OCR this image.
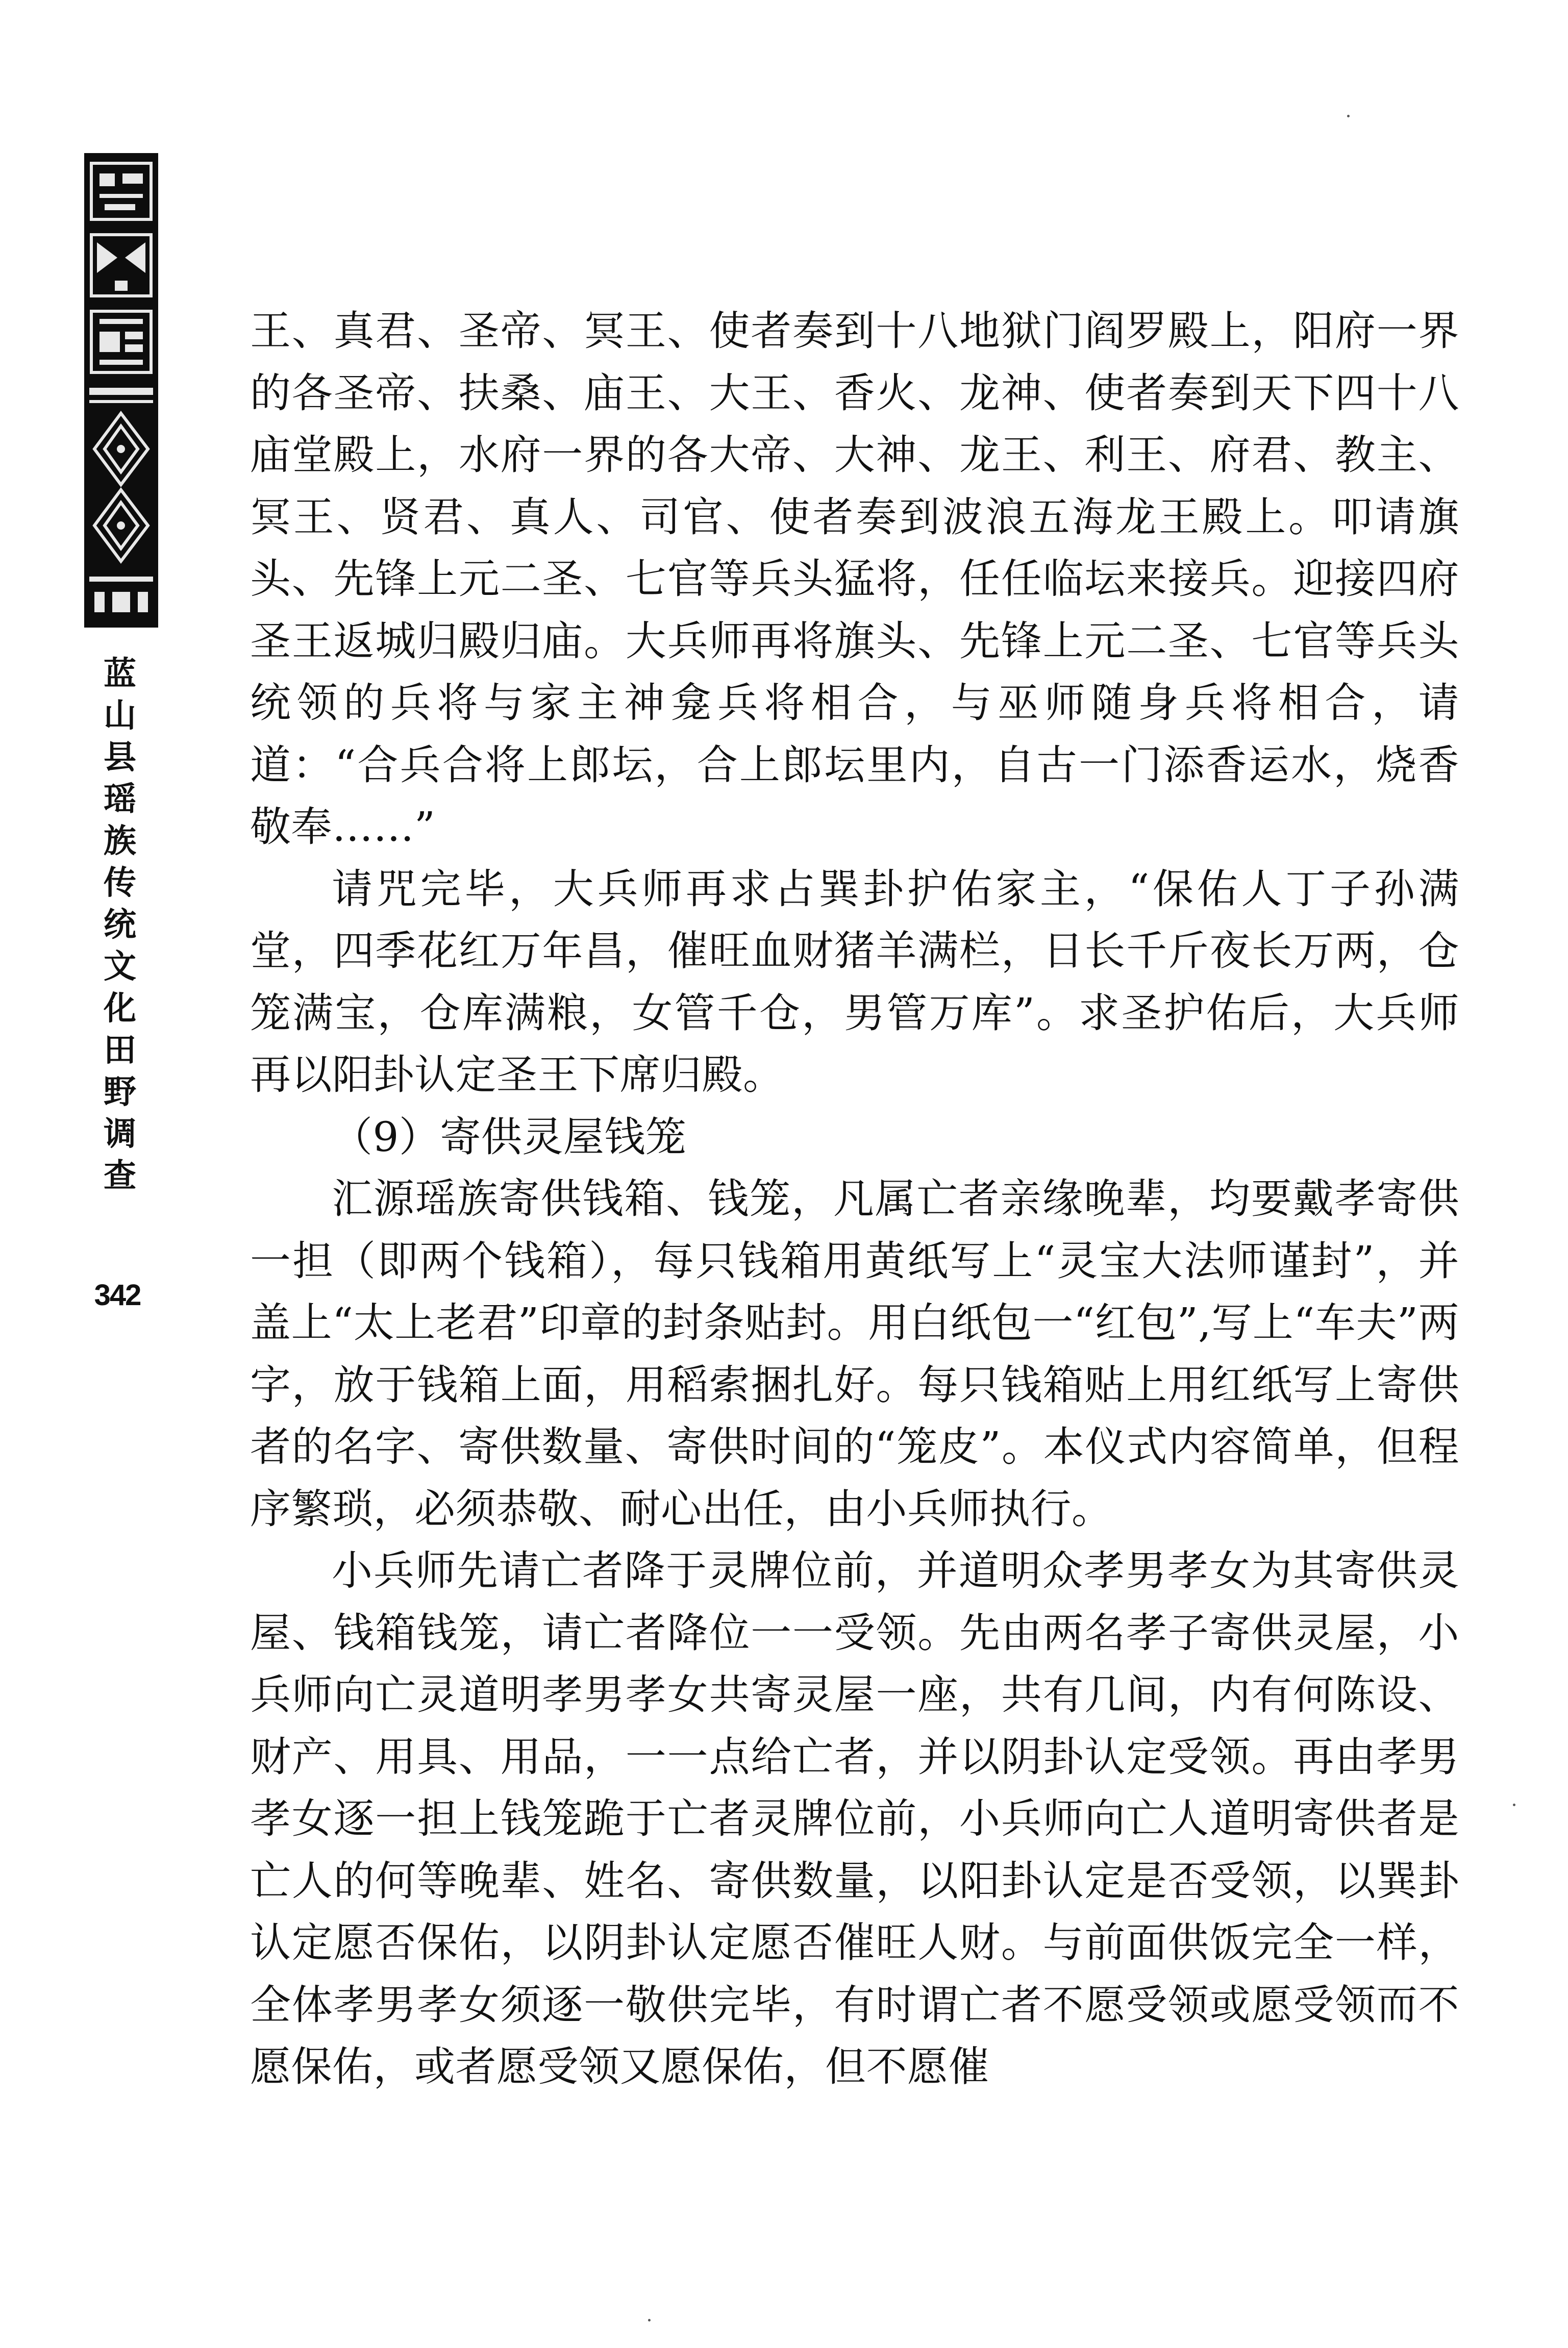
蓝
山
县
瑶
族
传
统
文
化
田
野
调
查
342

王、真君、圣帝、冥王、使者奏到十八地狱门阎罗殿上，阳府一界的各圣帝、扶桑、庙王、大王、香火、龙神、使者奏到天下四十八庙堂殿上，水府一界的各大帝、大神、龙王、利王、府君、教主、冥王、贤君、真人、司官、使者奏到波浪五海龙王殿上。叩请旗头、先锋上元二圣、七官等兵头猛将，任任临坛来接兵。迎接四府圣王返城归殿归庙。大兵师再将旗头、先锋上元二圣、七官等兵头统领的兵将与家主神龛兵将相合，与巫师随身兵将相合，请道：“合兵合将上郎坛，合上郎坛里内，自古一门添香运水，烧香敬奉……”

请咒完毕，大兵师再求占巽卦护佑家主，“保佑人丁子孙满堂，四季花红万年昌，催旺血财猪羊满栏，日长千斤夜长万两，仓笼满宝，仓库满粮，女管千仓，男管万库”。求圣护佑后，大兵师再以阳卦认定圣王下席归殿。

（9）寄供灵屋钱笼

汇源瑶族寄供钱箱、钱笼，凡属亡者亲缘晚辈，均要戴孝寄供一担（即两个钱箱），每只钱箱用黄纸写上“灵宝大法师谨封”，并盖上“太上老君”印章的封条贴封。用白纸包一“红包”,写上“车夫”两字，放于钱箱上面，用稻索捆扎好。每只钱箱贴上用红纸写上寄供者的名字、寄供数量、寄供时间的“笼皮”。本仪式内容简单，但程序繁琐，必须恭敬、耐心出任，由小兵师执行。

小兵师先请亡者降于灵牌位前，并道明众孝男孝女为其寄供灵屋、钱箱钱笼，请亡者降位一一受领。先由两名孝子寄供灵屋，小兵师向亡灵道明孝男孝女共寄灵屋一座，共有几间，内有何陈设、财产、用具、用品，一一点给亡者，并以阴卦认定受领。再由孝男孝女逐一担上钱笼跪于亡者灵牌位前，小兵师向亡人道明寄供者是亡人的何等晚辈、姓名、寄供数量，以阳卦认定是否受领，以巽卦认定愿否保佑，以阴卦认定愿否催旺人财。与前面供饭完全一样，全体孝男孝女须逐一敬供完毕，有时谓亡者不愿受领或愿受领而不愿保佑，或者愿受领又愿保佑，但不愿催
